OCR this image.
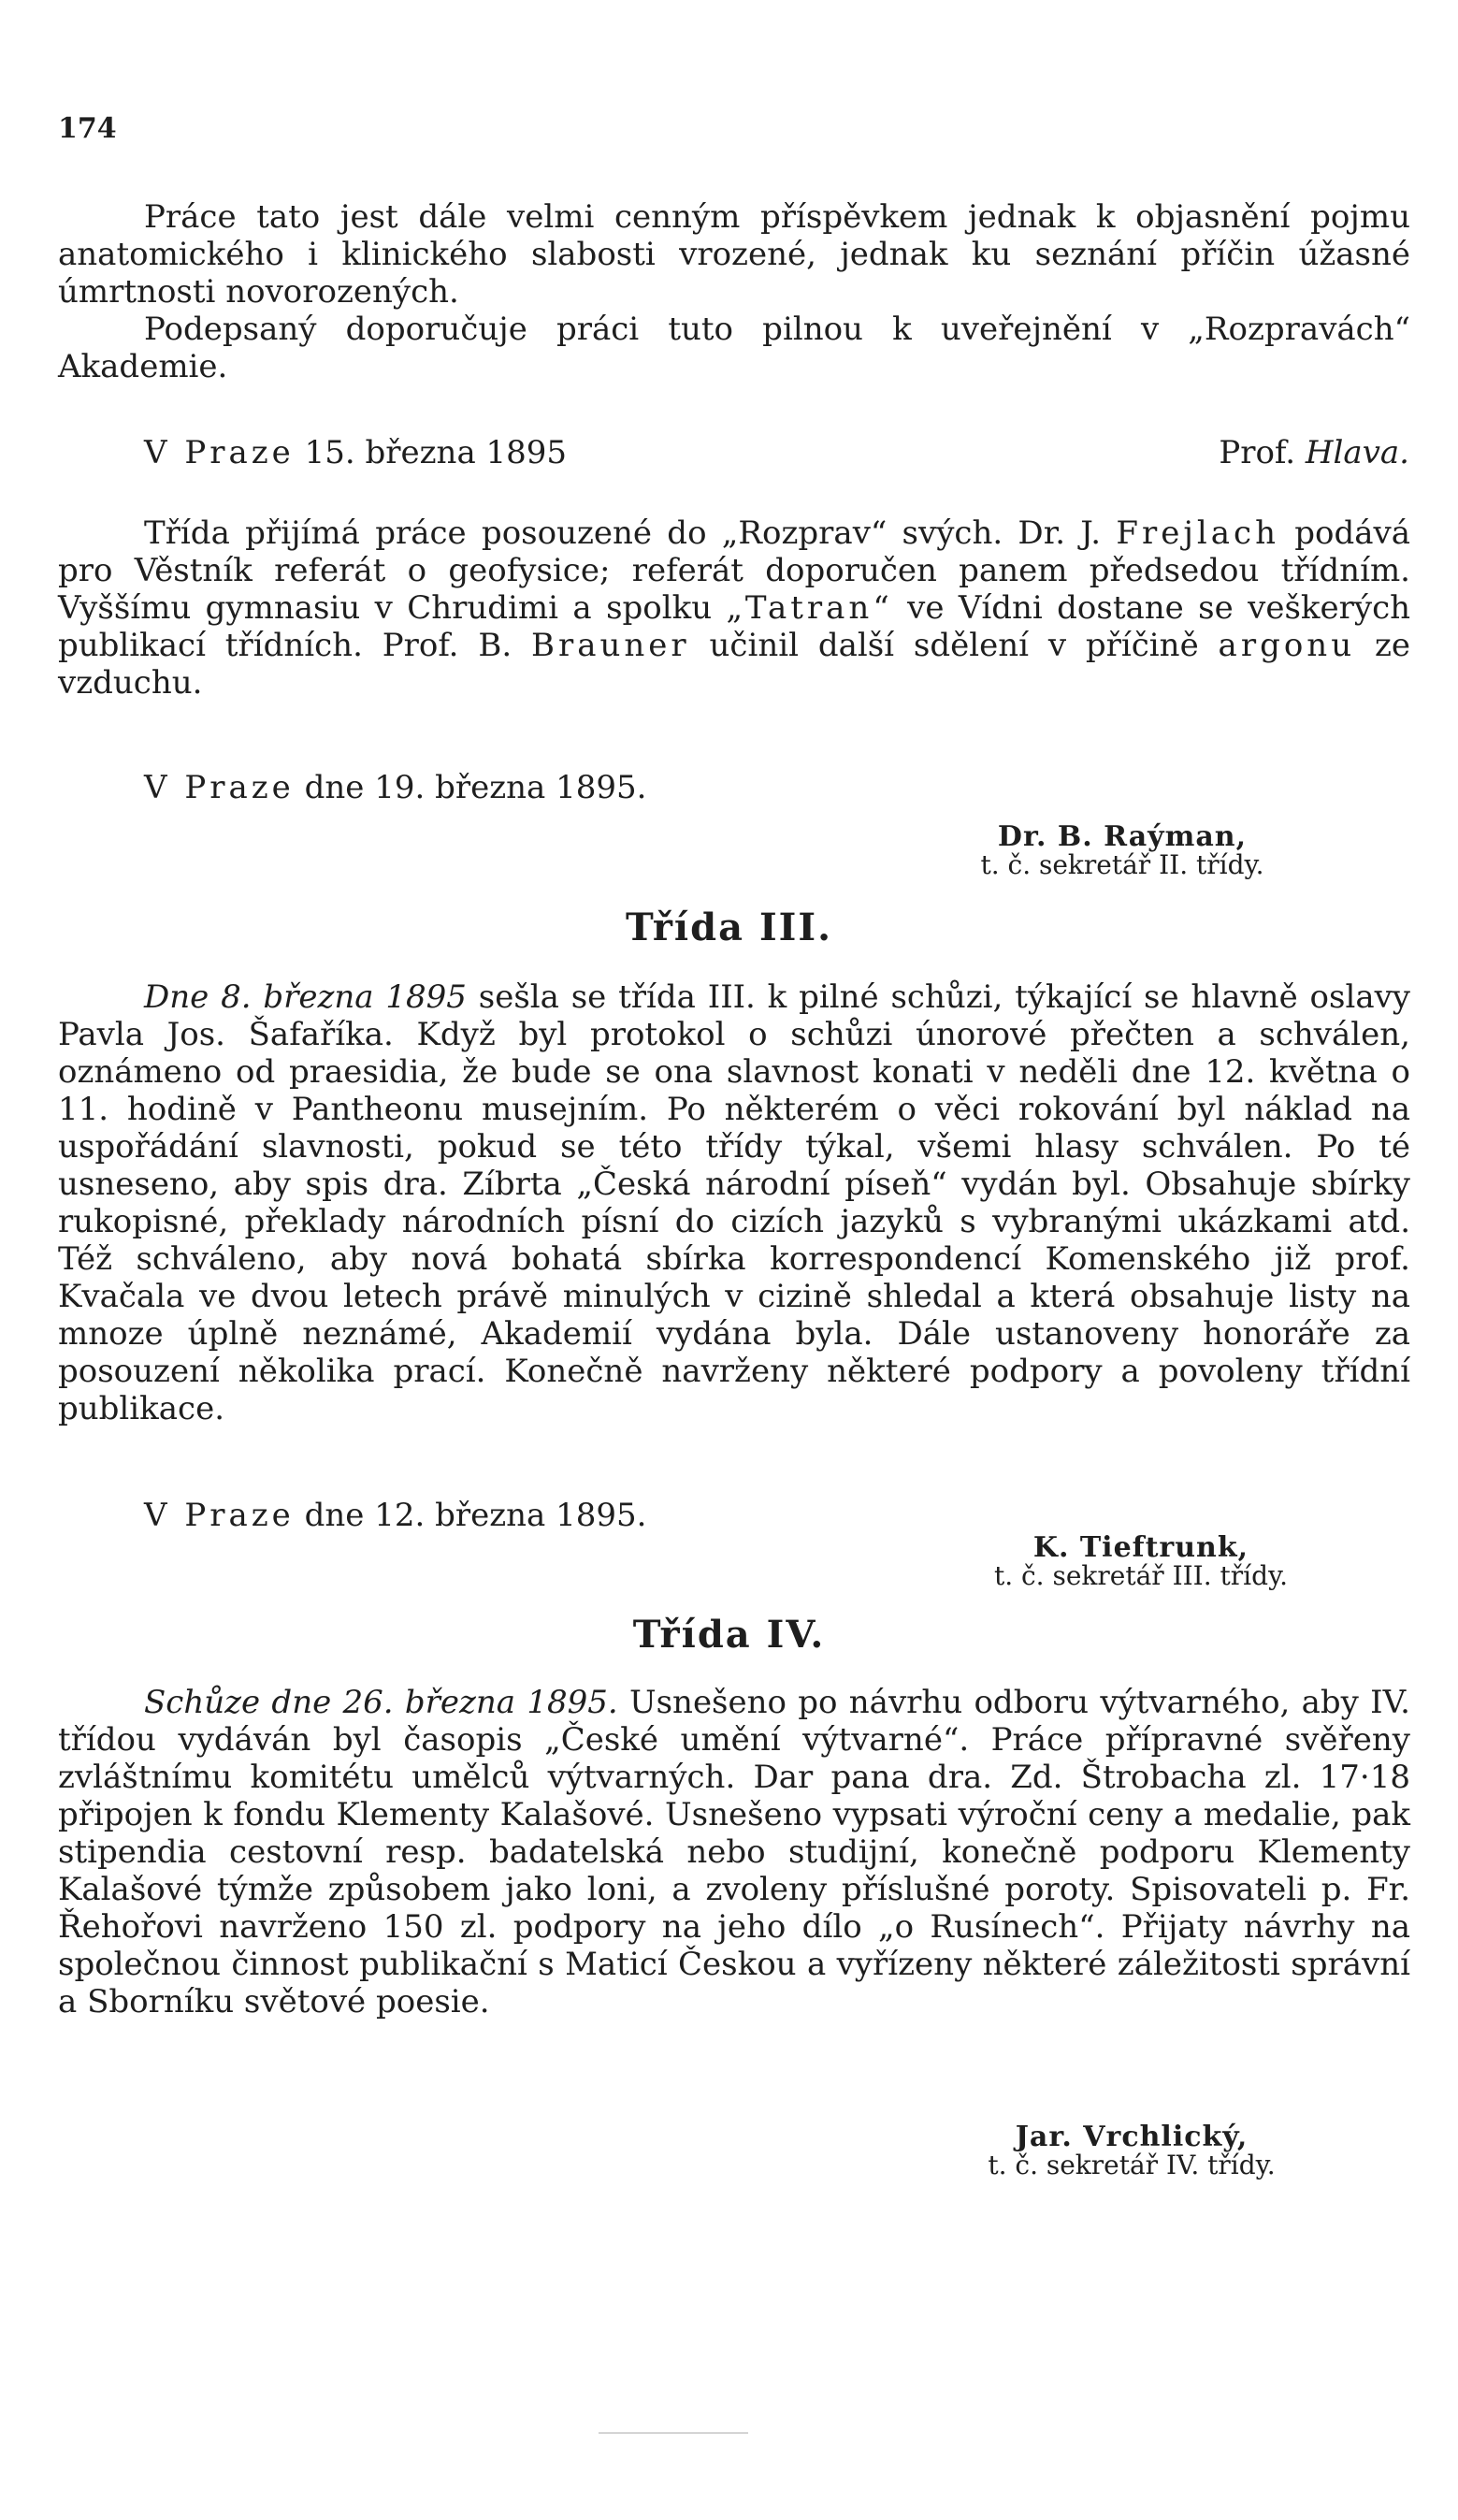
174

Práce tato jest dále velmi cenným příspěvkem jednak k objasnění pojmu anatomického i klinického slabosti vrozené, jednak ku seznání příčin úžasné úmrtnosti novorozených.

Podepsaný doporučuje práci tuto pilnou k uveřejnění v „Rozpravách“ Akademie.

V Praze 15. března 1895	Prof. Hlava.

Třída přijímá práce posouzené do „Rozprav“ svých. Dr. J. Frejlach podává pro Věstník referát o geofysice; referát doporučen panem předsedou třídním. Vyššímu gymnasiu v Chrudimi a spolku „Tatran“ ve Vídni dostane se veškerých publikací třídních. Prof. B. Brauner učinil další sdělení v příčině argonu ze vzduchu.

V Praze dne 19. března 1895.
Dr. B. Raýman,
t. č. sekretář II. třídy.
Třída III.

Dne 8. března 1895 sešla se třída III. k pilné schůzi, týkající se hlavně oslavy Pavla Jos. Šafaříka. Když byl protokol o schůzi únorové přečten a schválen, oznámeno od praesidia, že bude se ona slavnost konati v neděli dne 12. května o 11. hodině v Pantheonu musejním. Po některém o věci rokování byl náklad na uspořádání slavnosti, pokud se této třídy týkal, všemi hlasy schválen. Po té usneseno, aby spis dra. Zíbrta „Česká národní píseň“ vydán byl. Obsahuje sbírky rukopisné, překlady národních písní do cizích jazyků s vybranými ukázkami atd. Též schváleno, aby nová bohatá sbírka korrespondencí Komenského již prof. Kvačala ve dvou letech právě minulých v cizině shledal a která obsahuje listy na mnoze úplně neznámé, Akademií vydána byla. Dále ustanoveny honoráře za posouzení několika prací. Konečně navrženy některé podpory a povoleny třídní publikace.

V Praze dne 12. března 1895.
K. Tieftrunk,
t. č. sekretář III. třídy.
Třída IV.

Schůze dne 26. března 1895. Usnešeno po návrhu odboru výtvarného, aby IV. třídou vydáván byl časopis „České umění výtvarné“. Práce přípravné svěřeny zvláštnímu komitétu umělců výtvarných. Dar pana dra. Zd. Štrobacha zl. 17·18 připojen k fondu Klementy Kalašové. Usnešeno vypsati výroční ceny a medalie, pak stipendia cestovní resp. badatelská nebo studijní, konečně podporu Klementy Kalašové týmže způsobem jako loni, a zvoleny příslušné poroty. Spisovateli p. Fr. Řehořovi navrženo 150 zl. podpory na jeho dílo „o Rusínech“. Přijaty návrhy na společnou činnost publikační s Maticí Českou a vyřízeny některé záležitosti správní a Sborníku světové poesie.

Jar. Vrchlický,
t. č. sekretář IV. třídy.
